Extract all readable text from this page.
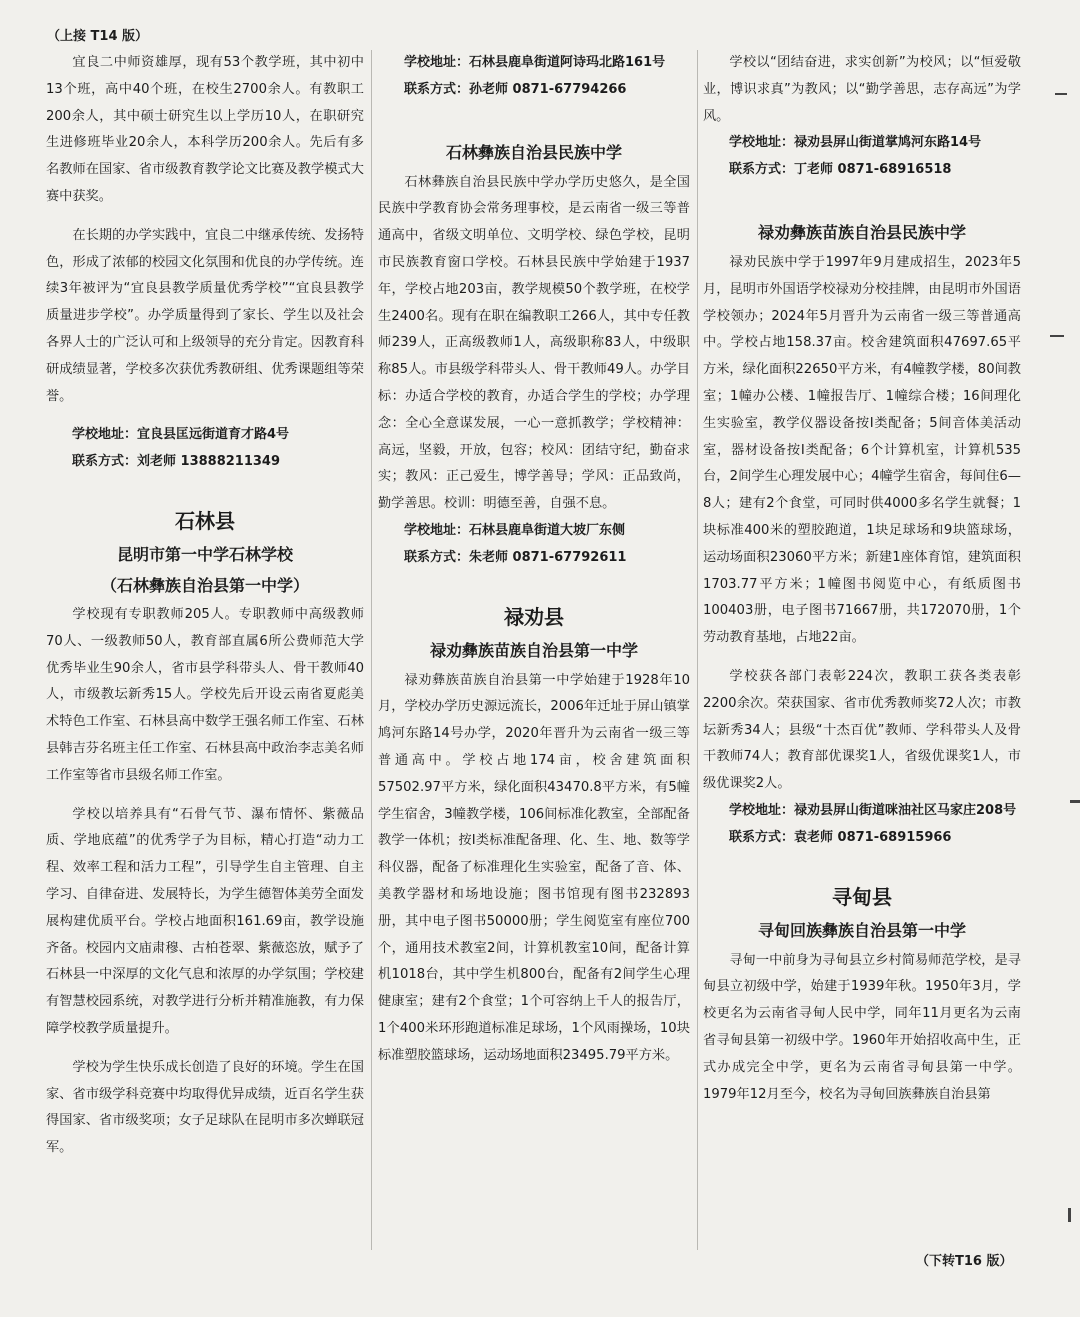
（上接 T14 版）

宜良二中师资雄厚，现有53个教学班，其中初中13个班，高中40个班，在校生2700余人。有教职工200余人，其中硕士研究生以上学历10人，在职研究生进修班毕业20余人，本科学历200余人。先后有多名教师在国家、省市级教育教学论文比赛及教学模式大赛中获奖。

在长期的办学实践中，宜良二中继承传统、发扬特色，形成了浓郁的校园文化氛围和优良的办学传统。连续3年被评为“宜良县教学质量优秀学校”“宜良县教学质量进步学校”。办学质量得到了家长、学生以及社会各界人士的广泛认可和上级领导的充分肯定。因教育科研成绩显著，学校多次获优秀教研组、优秀课题组等荣誉。

学校地址：宜良县匡远街道育才路4号
联系方式：刘老师 13888211349
石林县
昆明市第一中学石林学校
（石林彝族自治县第一中学）

学校现有专职教师205人。专职教师中高级教师70人、一级教师50人，教育部直属6所公费师范大学优秀毕业生90余人，省市县学科带头人、骨干教师40人，市级教坛新秀15人。学校先后开设云南省夏彪美术特色工作室、石林县高中数学王强名师工作室、石林县韩吉芬名班主任工作室、石林县高中政治李志美名师工作室等省市县级名师工作室。

学校以培养具有“石骨气节、瀑布情怀、紫薇品质、学地底蕴”的优秀学子为目标，精心打造“动力工程、效率工程和活力工程”，引导学生自主管理、自主学习、自律奋进、发展特长，为学生德智体美劳全面发展构建优质平台。学校占地面积161.69亩，教学设施齐备。校园内文庙肃穆、古柏苍翠、紫薇恣放，赋予了石林县一中深厚的文化气息和浓厚的办学氛围；学校建有智慧校园系统，对教学进行分析并精准施教，有力保障学校教学质量提升。

学校为学生快乐成长创造了良好的环境。学生在国家、省市级学科竞赛中均取得优异成绩，近百名学生获得国家、省市级奖项；女子足球队在昆明市多次蝉联冠军。

学校地址：石林县鹿阜街道阿诗玛北路161号
联系方式：孙老师 0871-67794266
石林彝族自治县民族中学

石林彝族自治县民族中学办学历史悠久，是全国民族中学教育协会常务理事校，是云南省一级三等普通高中，省级文明单位、文明学校、绿色学校，昆明市民族教育窗口学校。石林县民族中学始建于1937年，学校占地203亩，教学规模50个教学班，在校学生2400名。现有在职在编教职工266人，其中专任教师239人，正高级教师1人，高级职称83人，中级职称85人。市县级学科带头人、骨干教师49人。办学目标：办适合学校的教育，办适合学生的学校；办学理念：全心全意谋发展，一心一意抓教学；学校精神：高远，坚毅，开放，包容；校风：团结守纪，勤奋求实；教风：正己爱生，博学善导；学风：正品致尚，勤学善思。校训：明德至善，自强不息。

学校地址：石林县鹿阜街道大坡厂东侧
联系方式：朱老师 0871-67792611
禄劝县
禄劝彝族苗族自治县第一中学

禄劝彝族苗族自治县第一中学始建于1928年10月，学校办学历史源远流长，2006年迁址于屏山镇掌鸠河东路14号办学，2020年晋升为云南省一级三等普通高中。学校占地174亩，校舍建筑面积57502.97平方米，绿化面积43470.8平方米，有5幢学生宿舍，3幢教学楼，106间标准化教室，全部配备教学一体机；按Ⅰ类标准配备理、化、生、地、数等学科仪器，配备了标准理化生实验室，配备了音、体、美教学器材和场地设施；图书馆现有图书232893册，其中电子图书50000册；学生阅览室有座位700个，通用技术教室2间，计算机教室10间，配备计算机1018台，其中学生机800台，配备有2间学生心理健康室；建有2个食堂；1个可容纳上千人的报告厅，1个400米环形跑道标准足球场，1个风雨操场，10块标准塑胶篮球场，运动场地面积23495.79平方米。

学校以“团结奋进，求实创新”为校风；以“恒爱敬业，博识求真”为教风；以“勤学善思，志存高远”为学风。

学校地址：禄劝县屏山街道掌鸠河东路14号
联系方式：丁老师 0871-68916518
禄劝彝族苗族自治县民族中学

禄劝民族中学于1997年9月建成招生，2023年5月，昆明市外国语学校禄劝分校挂牌，由昆明市外国语学校领办；2024年5月晋升为云南省一级三等普通高中。学校占地158.37亩。校舍建筑面积47697.65平方米，绿化面积22650平方米，有4幢教学楼，80间教室；1幢办公楼、1幢报告厅、1幢综合楼；16间理化生实验室，教学仪器设备按Ⅰ类配备；5间音体美活动室，器材设备按Ⅰ类配备；6个计算机室，计算机535台，2间学生心理发展中心；4幢学生宿舍，每间住6—8人；建有2个食堂，可同时供4000多名学生就餐；1块标准400米的塑胶跑道，1块足球场和9块篮球场，运动场面积23060平方米；新建1座体育馆，建筑面积1703.77平方米；1幢图书阅览中心，有纸质图书100403册，电子图书71667册，共172070册，1个劳动教育基地，占地22亩。

学校获各部门表彰224次，教职工获各类表彰2200余次。荣获国家、省市优秀教师奖72人次；市教坛新秀34人；县级“十杰百优”教师、学科带头人及骨干教师74人；教育部优课奖1人，省级优课奖1人，市级优课奖2人。

学校地址：禄劝县屏山街道咪油社区马家庄208号
联系方式：袁老师 0871-68915966
寻甸县
寻甸回族彝族自治县第一中学

寻甸一中前身为寻甸县立乡村简易师范学校，是寻甸县立初级中学，始建于1939年秋。1950年3月，学校更名为云南省寻甸人民中学，同年11月更名为云南省寻甸县第一初级中学。1960年开始招收高中生，正式办成完全中学，更名为云南省寻甸县第一中学。1979年12月至今，校名为寻甸回族彝族自治县第

（下转T16 版）
